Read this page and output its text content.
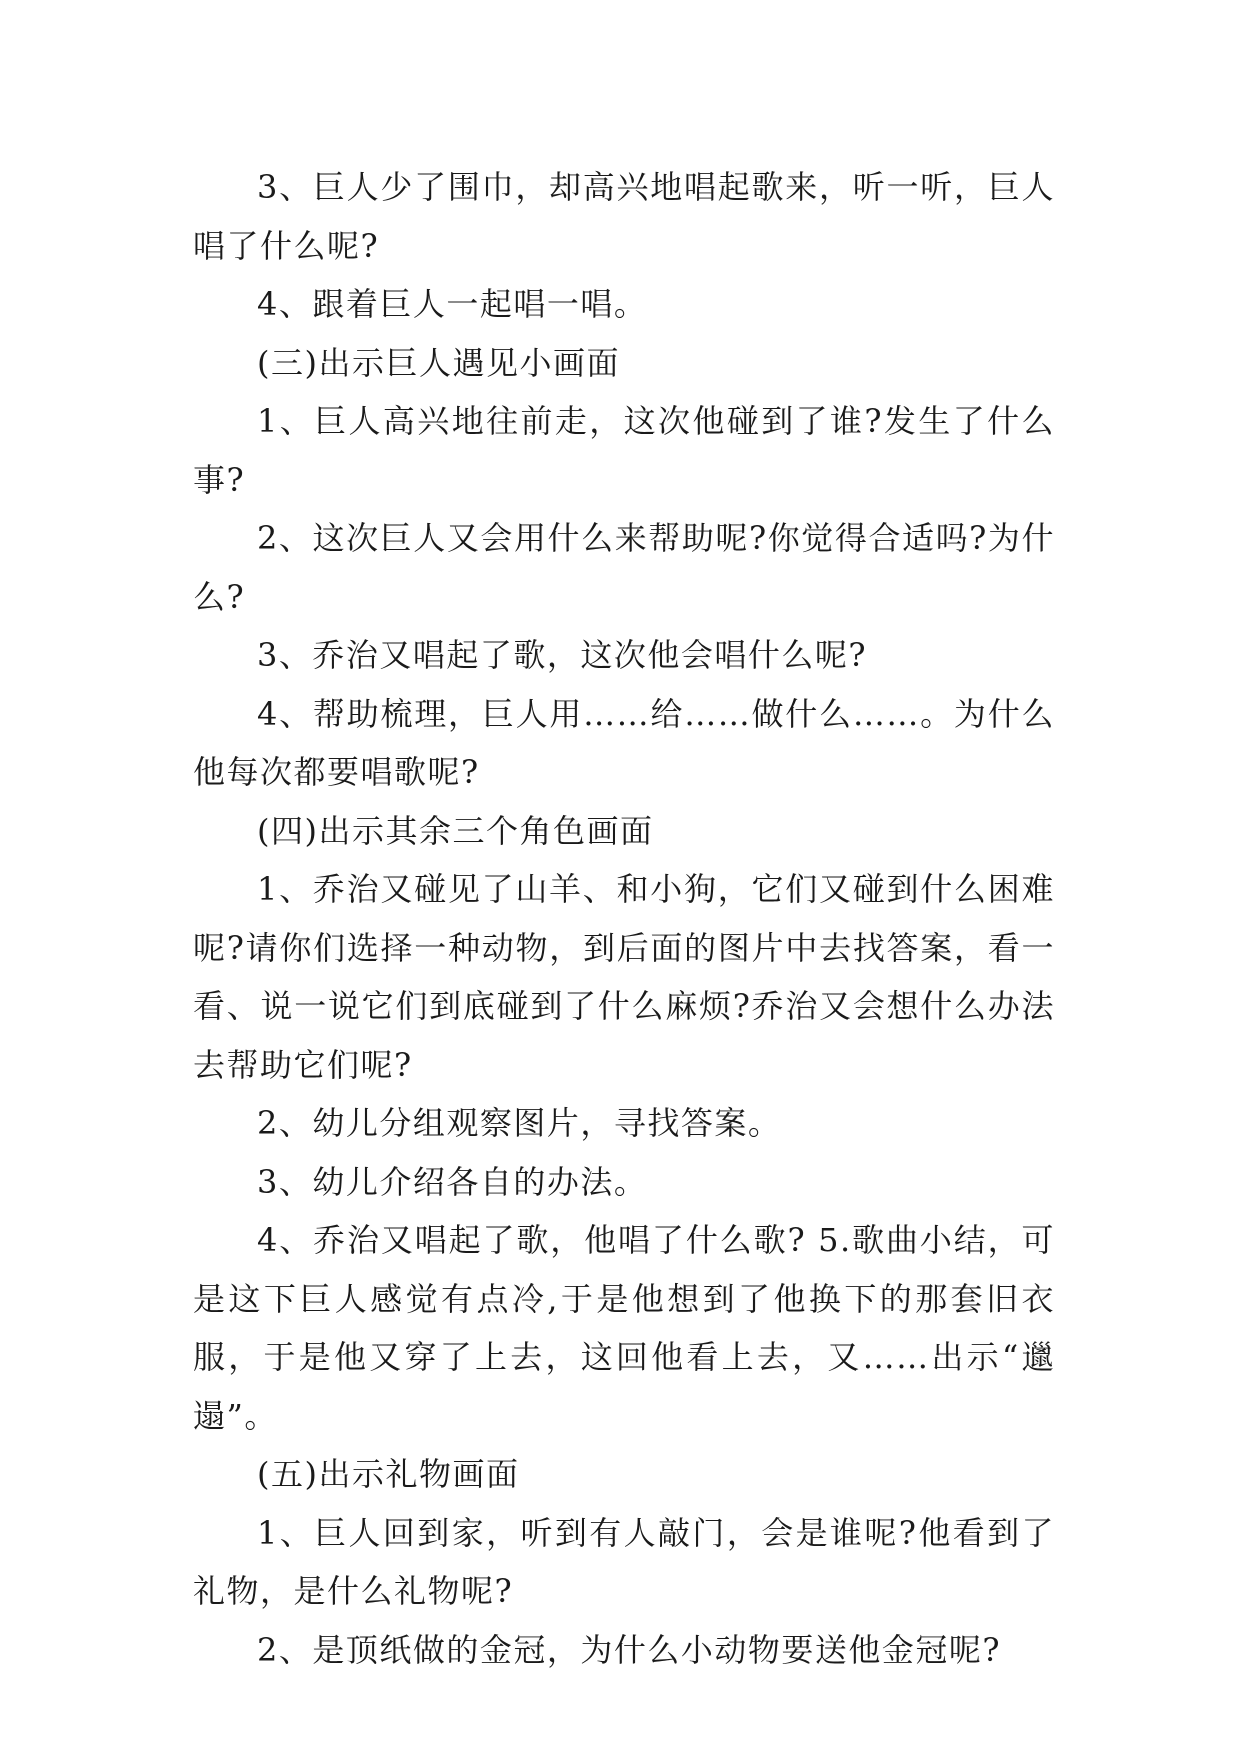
3、巨人少了围巾，却高兴地唱起歌来，听一听，巨人唱了什么呢?

4、跟着巨人一起唱一唱。

(三)出示巨人遇见小画面

1、巨人高兴地往前走，这次他碰到了谁?发生了什么事?

2、这次巨人又会用什么来帮助呢?你觉得合适吗?为什么?

3、乔治又唱起了歌，这次他会唱什么呢?

4、帮助梳理，巨人用……给……做什么……。为什么他每次都要唱歌呢?

(四)出示其余三个角色画面

1、乔治又碰见了山羊、和小狗，它们又碰到什么困难呢?请你们选择一种动物，到后面的图片中去找答案，看一看、说一说它们到底碰到了什么麻烦?乔治又会想什么办法去帮助它们呢?

2、幼儿分组观察图片，寻找答案。

3、幼儿介绍各自的办法。

4、乔治又唱起了歌，他唱了什么歌? 5.歌曲小结，可是这下巨人感觉有点冷,于是他想到了他换下的那套旧衣服，于是他又穿了上去，这回他看上去，又……出示“邋遢”。

(五)出示礼物画面

1、巨人回到家，听到有人敲门，会是谁呢?他看到了礼物，是什么礼物呢?

2、是顶纸做的金冠，为什么小动物要送他金冠呢?
